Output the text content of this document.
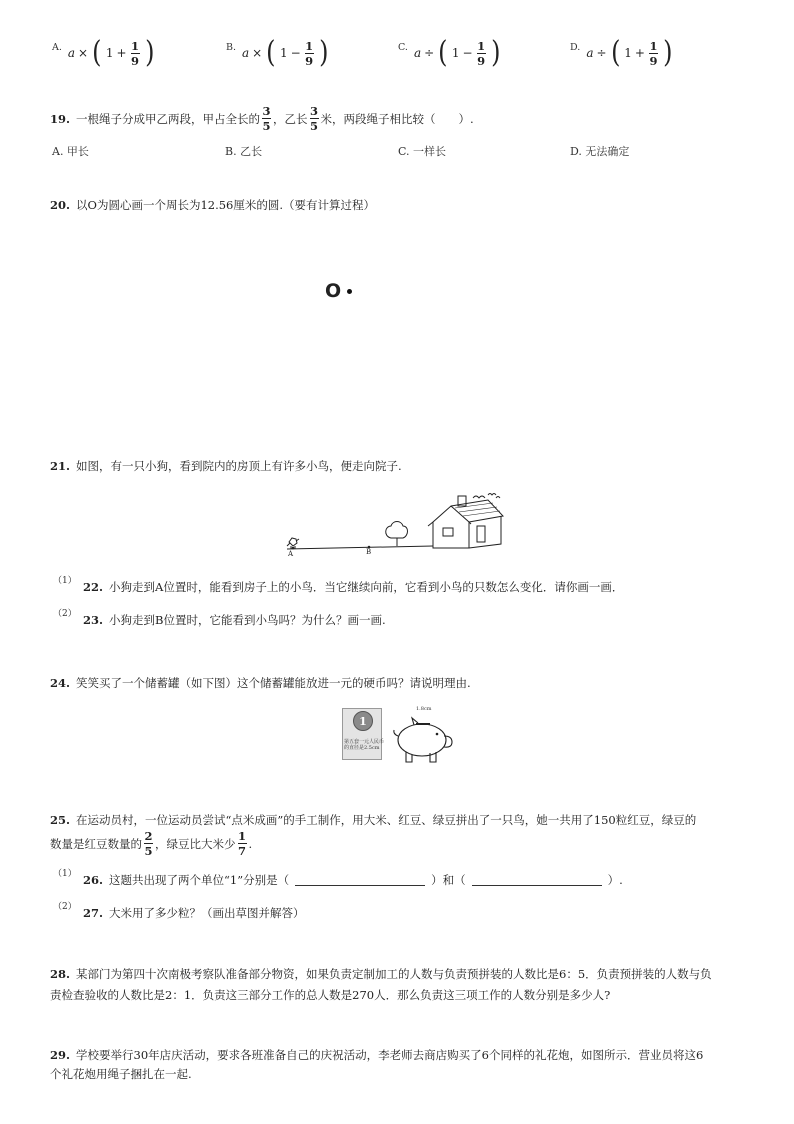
A. a × ( $1 + \frac{1}{9}$ )	B. a × ( $1 - \frac{1}{9}$ )	C. a ÷ ( $1 - \frac{1}{9}$ )	D. a ÷ ( $1 + \frac{1}{9}$ )
19. 一根绳子分成甲乙两段，甲占全长的
3
5
，乙长
3
5
米，两段绳子相比较（　　）.
A. 甲长	B. 乙长	C. 一样长	D. 无法确定
20. 以O为圆心画一个周长为12.56厘米的圆.（要有计算过程）
O
21. 如图，有一只小狗，看到院内的房顶上有许多小鸟，便走向院子.
A	B
（1） 22. 小狗走到A位置时，能看到房子上的小鸟．当它继续向前，它看到小鸟的只数怎么变化．请你画一画．
（2） 23. 小狗走到B位置时，它能看到小鸟吗？为什么？画一画.
24. 笑笑买了一个储蓄罐（如下图）这个储蓄罐能放进一元的硬币吗？请说明理由.
1
第五套一元人民币
的直径是2.5cm
1.8cm
25. 在运动员村，一位运动员尝试“点米成画”的手工制作，用大米、红豆、绿豆拼出了一只鸟，她一共用了150粒红豆，绿豆的
数量是红豆数量的
2
5
，绿豆比大米少
1
7
.
（1） 26. 这题共出现了两个单位“1”分别是（	）和（	）.
（2） 27. 大米用了多少粒？（画出草图并解答）
28. 某部门为第四十次南极考察队准备部分物资，如果负责定制加工的人数与负责预拼装的人数比是6：5．负责预拼装的人数与负
责检查验收的人数比是2：1．负责这三部分工作的总人数是270人．那么负责这三项工作的人数分别是多少人?
29. 学校要举行30年店庆活动，要求各班准备自己的庆祝活动，李老师去商店购买了6个同样的礼花炮，如图所示．营业员将这6
个礼花炮用绳子捆扎在一起.
